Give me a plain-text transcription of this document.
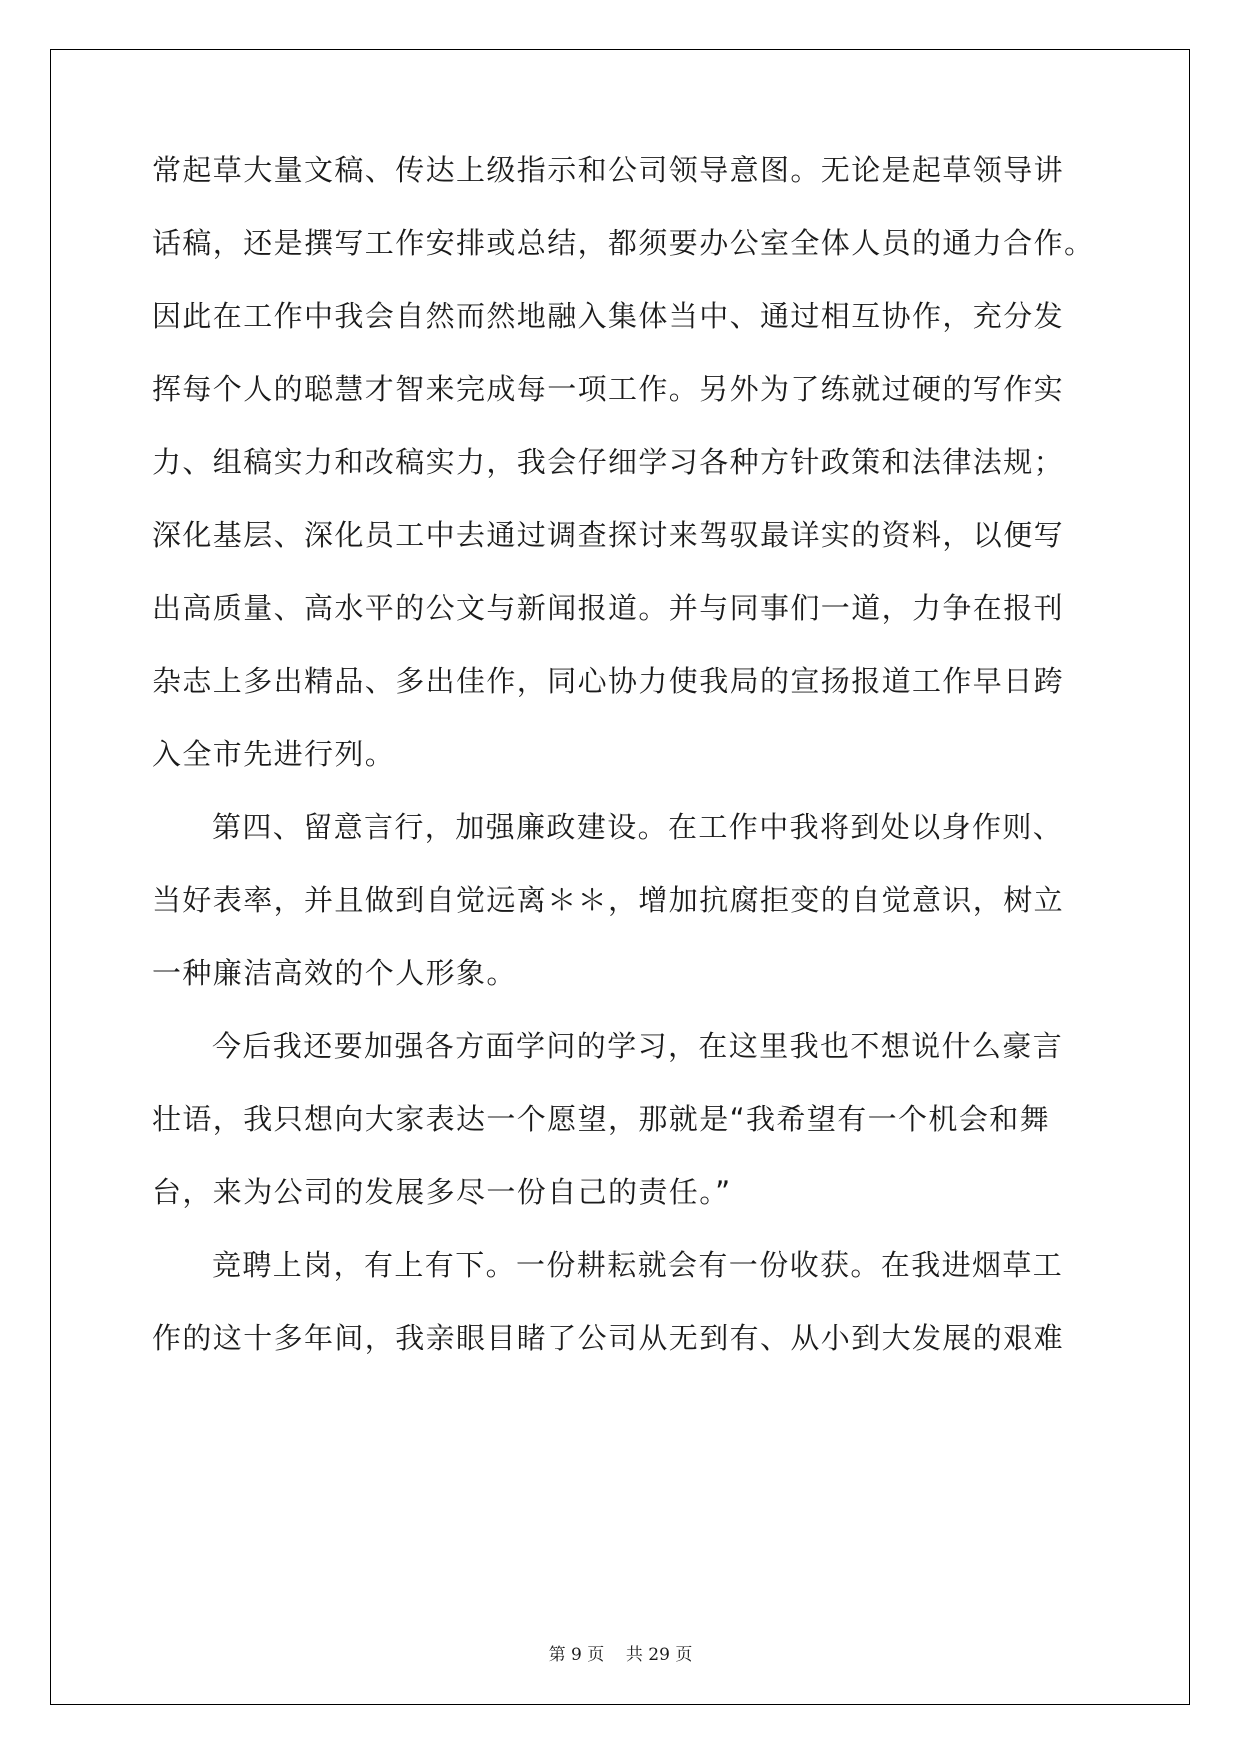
常起草大量文稿、传达上级指示和公司领导意图。无论是起草领导讲
话稿，还是撰写工作安排或总结，都须要办公室全体人员的通力合作。
因此在工作中我会自然而然地融入集体当中、通过相互协作，充分发
挥每个人的聪慧才智来完成每一项工作。另外为了练就过硬的写作实
力、组稿实力和改稿实力，我会仔细学习各种方针政策和法律法规；
深化基层、深化员工中去通过调查探讨来驾驭最详实的资料，以便写
出高质量、高水平的公文与新闻报道。并与同事们一道，力争在报刊
杂志上多出精品、多出佳作，同心协力使我局的宣扬报道工作早日跨
入全市先进行列。
第四、留意言行，加强廉政建设。在工作中我将到处以身作则、
当好表率，并且做到自觉远离＊＊，增加抗腐拒变的自觉意识，树立
一种廉洁高效的个人形象。
今后我还要加强各方面学问的学习，在这里我也不想说什么豪言
壮语，我只想向大家表达一个愿望，那就是“我希望有一个机会和舞
台，来为公司的发展多尽一份自己的责任。”
竞聘上岗，有上有下。一份耕耘就会有一份收获。在我进烟草工
作的这十多年间，我亲眼目睹了公司从无到有、从小到大发展的艰难
第 9 页 共 29 页
